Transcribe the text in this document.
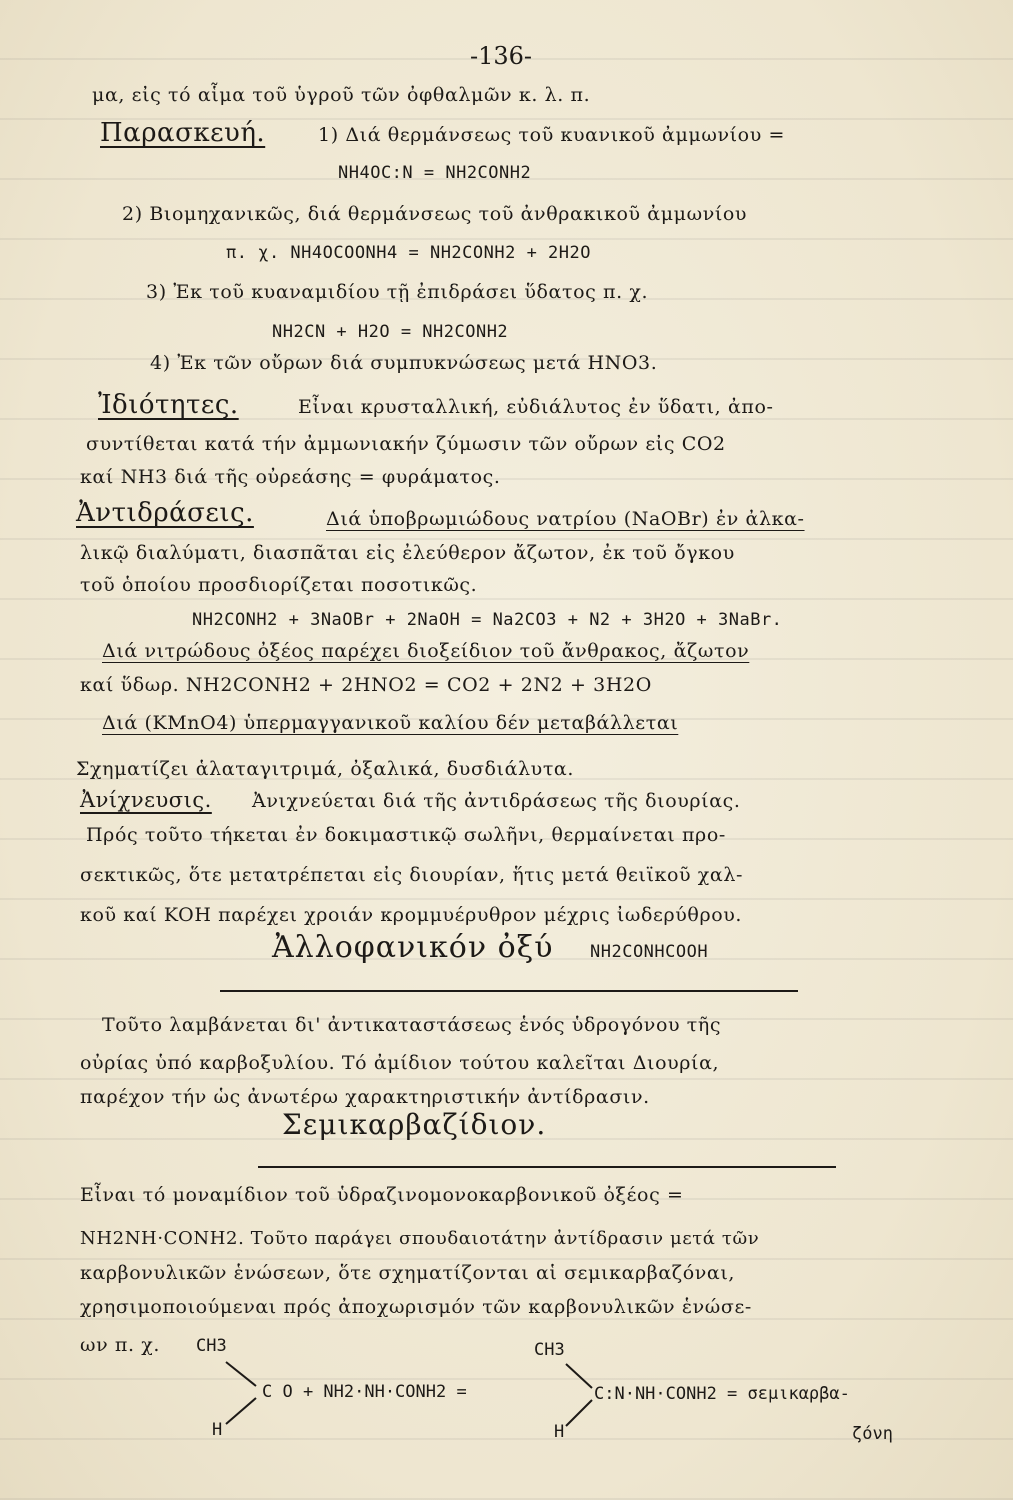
-136-
μα, εἰς τό αἷμα τοῦ ὑγροῦ τῶν ὀφθαλμῶν κ. λ. π.
Παρασκευή.	1) Διά θερμάνσεως τοῦ κυανικοῦ ἀμμωνίου =
NH4OC:N = NH2CONH2
2) Βιομηχανικῶς, διά θερμάνσεως τοῦ ἀνθρακικοῦ ἀμμωνίου
π. χ. NH4OCOONH4 = NH2CONH2 + 2H2O
3) Ἐκ τοῦ κυαναμιδίου τῇ ἐπιδράσει ὕδατος π. χ.
NH2CN + H2O = NH2CONH2
4) Ἐκ τῶν οὔρων διά συμπυκνώσεως μετά HNO3.
Ἰδιότητες.	Εἶναι κρυσταλλική, εὐδιάλυτος ἐν ὕδατι, ἀπο-
συντίθεται κατά τήν ἀμμωνιακήν ζύμωσιν τῶν οὔρων εἰς CO2
καί NH3 διά τῆς οὐρεάσης = φυράματος.
Ἀντιδράσεις.	Διά ὑποβρωμιώδους νατρίου (NaOBr) ἐν ἀλκα-
λικῷ διαλύματι, διασπᾶται εἰς ἐλεύθερον ἄζωτον, ἐκ τοῦ ὄγκου
τοῦ ὁποίου προσδιορίζεται ποσοτικῶς.
NH2CONH2 + 3NaOBr + 2NaOH = Na2CO3 + N2 + 3H2O + 3NaBr.
Διά νιτρώδους ὀξέος παρέχει διοξείδιον τοῦ ἄνθρακος, ἄζωτον
καί ὕδωρ. NH2CONH2 + 2HNO2 = CO2 + 2N2 + 3H2O
Διά (KMnO4) ὑπερμαγγανικοῦ καλίου δέν μεταβάλλεται
Σχηματίζει ἁλαταγιτριμά, ὀξαλικά, δυσδιάλυτα.
Ἀνίχνευσις. Ἀνιχνεύεται διά τῆς ἀντιδράσεως τῆς διουρίας.
Πρός τοῦτο τήκεται ἐν δοκιμαστικῷ σωλῆνι, θερμαίνεται προ-
σεκτικῶς, ὅτε μετατρέπεται εἰς διουρίαν, ἥτις μετά θειϊκοῦ χαλ-
κοῦ καί KOH παρέχει χροιάν κρομμυέρυθρον μέχρις ἰωδερύθρου.
Ἀλλοφανικόν ὀξύ NH2CONHCOOH
Τοῦτο λαμβάνεται δι' ἀντικαταστάσεως ἑνός ὑδρογόνου τῆς
οὐρίας ὑπό καρβοξυλίου. Τό ἀμίδιον τούτου καλεῖται Διουρία,
παρέχον τήν ὡς ἀνωτέρω χαρακτηριστικήν ἀντίδρασιν.
Σεμικαρβαζίδιον.
Εἶναι τό μοναμίδιον τοῦ ὑδραζινομονοκαρβονικοῦ ὀξέος =
NH2NH·CONH2. Τοῦτο παράγει σπουδαιοτάτην ἀντίδρασιν μετά τῶν
καρβονυλικῶν ἑνώσεων, ὅτε σχηματίζονται αἱ σεμικαρβαζόναι,
χρησιμοποιούμεναι πρός ἀποχωρισμόν τῶν καρβονυλικῶν ἑνώσε-
ων π. χ. CH3
C O + NH2·NH·CONH2 =
H
CH3
C:N·NH·CONH2 = σεμικαρβα-
H	ζόνη
